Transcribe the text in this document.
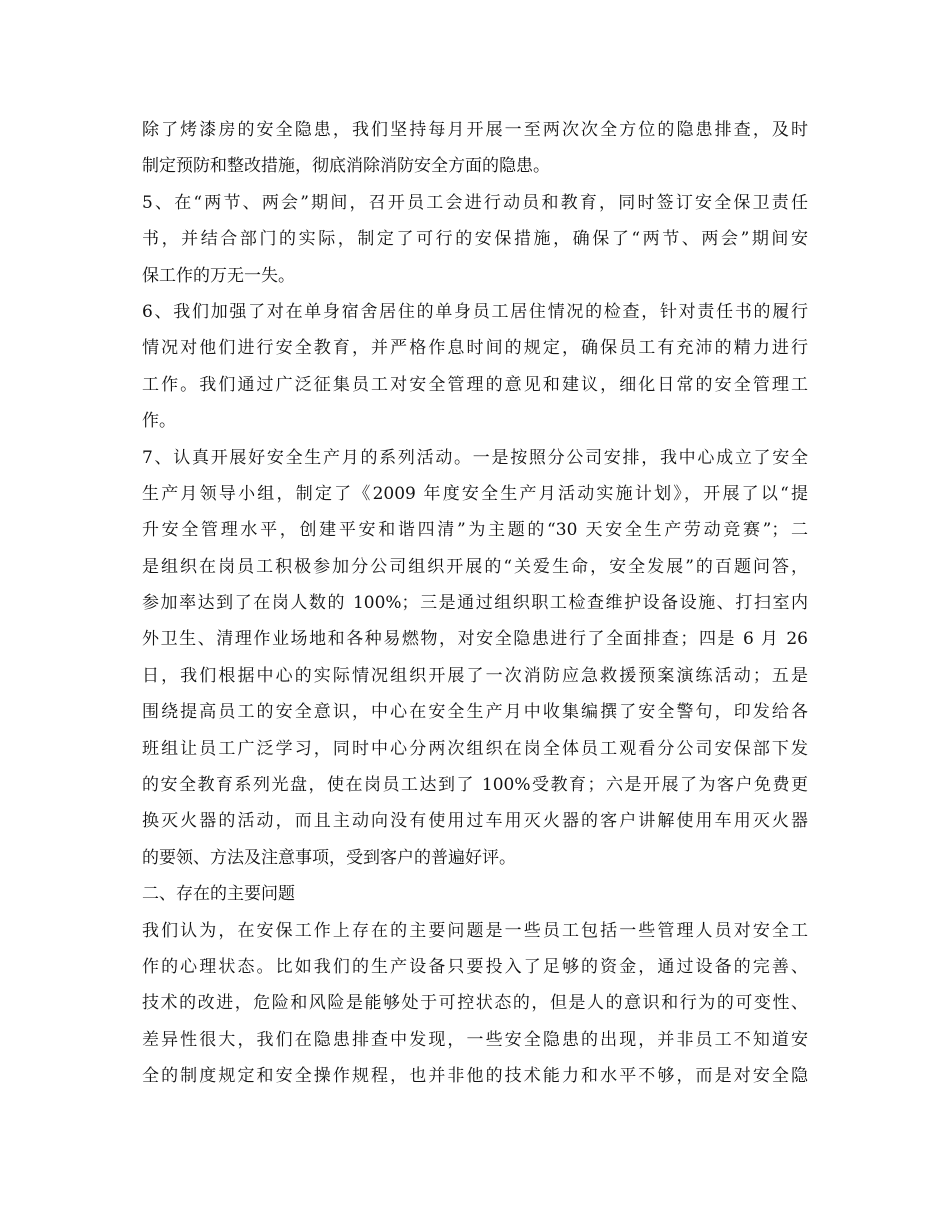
除了烤漆房的安全隐患，我们坚持每月开展一至两次次全方位的隐患排查，及时
制定预防和整改措施，彻底消除消防安全方面的隐患。
5、在“两节、两会”期间，召开员工会进行动员和教育，同时签订安全保卫责任
书，并结合部门的实际，制定了可行的安保措施，确保了“两节、两会”期间安
保工作的万无一失。
6、我们加强了对在单身宿舍居住的单身员工居住情况的检查，针对责任书的履行
情况对他们进行安全教育，并严格作息时间的规定，确保员工有充沛的精力进行
工作。我们通过广泛征集员工对安全管理的意见和建议，细化日常的安全管理工
作。
7、认真开展好安全生产月的系列活动。一是按照分公司安排，我中心成立了安全
生产月领导小组，制定了《2009 年度安全生产月活动实施计划》，开展了以“提
升安全管理水平，创建平安和谐四清”为主题的“30 天安全生产劳动竞赛”；二
是组织在岗员工积极参加分公司组织开展的“关爱生命，安全发展”的百题问答，
参加率达到了在岗人数的 100%；三是通过组织职工检查维护设备设施、打扫室内
外卫生、清理作业场地和各种易燃物，对安全隐患进行了全面排查；四是 6 月 26
日，我们根据中心的实际情况组织开展了一次消防应急救援预案演练活动；五是
围绕提高员工的安全意识，中心在安全生产月中收集编撰了安全警句，印发给各
班组让员工广泛学习，同时中心分两次组织在岗全体员工观看分公司安保部下发
的安全教育系列光盘，使在岗员工达到了 100%受教育；六是开展了为客户免费更
换灭火器的活动，而且主动向没有使用过车用灭火器的客户讲解使用车用灭火器
的要领、方法及注意事项，受到客户的普遍好评。
二、存在的主要问题
我们认为，在安保工作上存在的主要问题是一些员工包括一些管理人员对安全工
作的心理状态。比如我们的生产设备只要投入了足够的资金，通过设备的完善、
技术的改进，危险和风险是能够处于可控状态的，但是人的意识和行为的可变性、
差异性很大，我们在隐患排查中发现，一些安全隐患的出现，并非员工不知道安
全的制度规定和安全操作规程，也并非他的技术能力和水平不够，而是对安全隐
